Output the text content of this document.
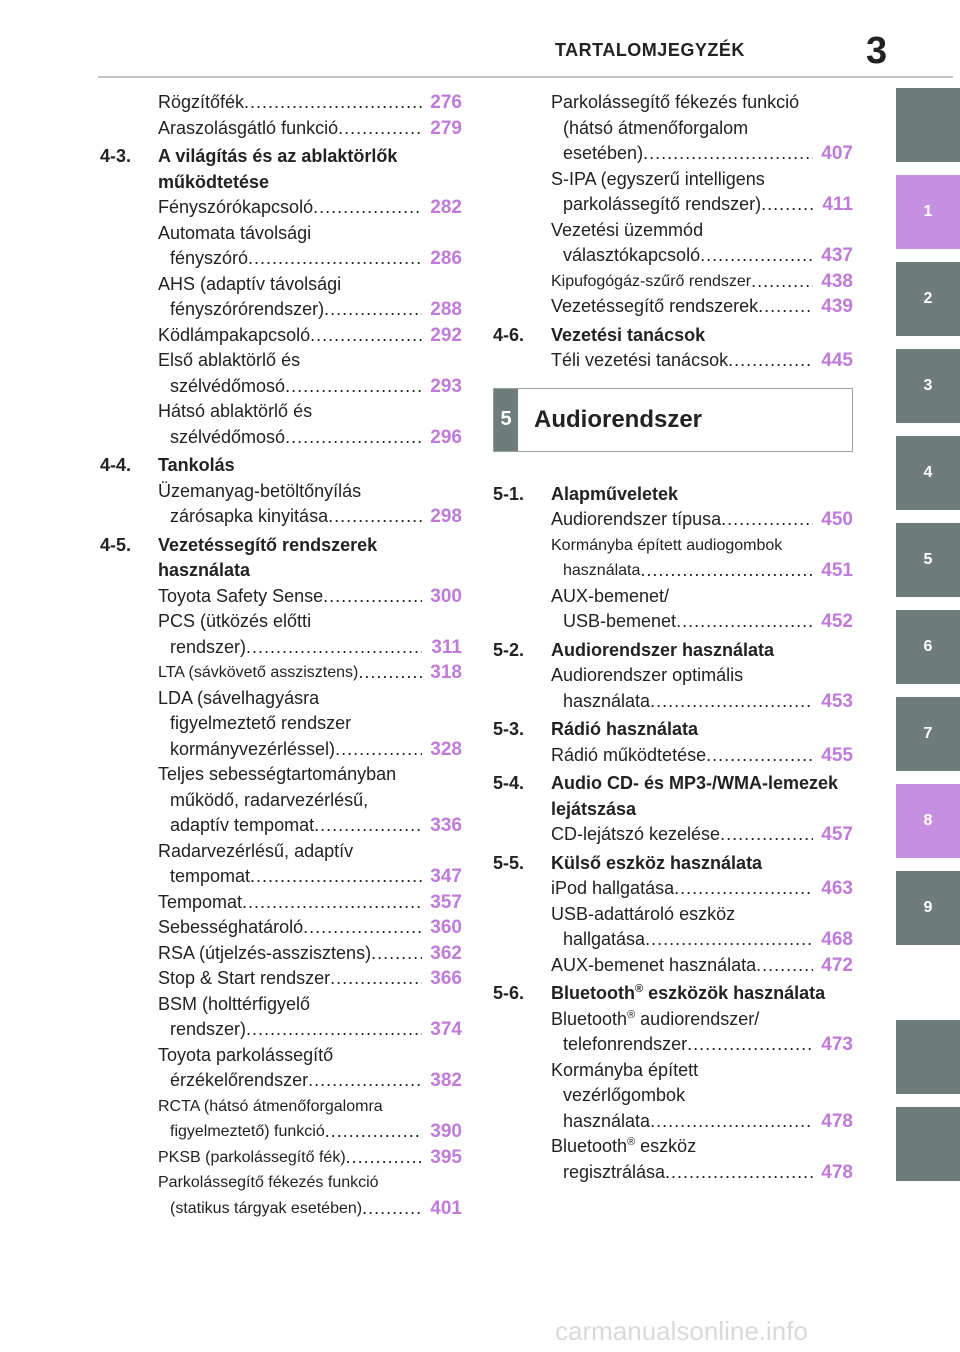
TARTALOMJEGYZÉK	3
1
2
3
4
5
6
7
8
9
Rögzítőfék .....	276
Araszolásgátló funkció .....	279
4-3.	A világítás és az ablaktörlők működtetése
Fényszórókapcsoló .....	282
Automata távolsági
fényszóró .....	286
AHS (adaptív távolsági
fényszórórendszer) .....	288
Ködlámpakapcsoló .....	292
Első ablaktörlő és
szélvédőmosó .....	293
Hátsó ablaktörlő és
szélvédőmosó .....	296
4-4.	Tankolás
Üzemanyag-betöltőnyílás
zárósapka kinyitása .....	298
4-5.	Vezetéssegítő rendszerek használata
Toyota Safety Sense .....	300
PCS (ütközés előtti
rendszer) .....	311
LTA (sávkövető asszisztens) .....	318
LDA (sávelhagyásra
figyelmeztető rendszer
kormányvezérléssel) .....	328
Teljes sebességtartományban
működő, radarvezérlésű,
adaptív tempomat .....	336
Radarvezérlésű, adaptív
tempomat .....	347
Tempomat .....	357
Sebességhatároló .....	360
RSA (útjelzés-asszisztens) .....	362
Stop & Start rendszer .....	366
BSM (holttérfigyelő
rendszer) .....	374
Toyota parkolássegítő
érzékelőrendszer .....	382
RCTA (hátsó átmenőforgalomra
figyelmeztető) funkció .....	390
PKSB (parkolássegítő fék) .....	395
Parkolássegítő fékezés funkció
(statikus tárgyak esetében) .....	401
Parkolássegítő fékezés funkció
(hátsó átmenőforgalom
esetében) .....	407
S-IPA (egyszerű intelligens
parkolássegítő rendszer) .....	411
Vezetési üzemmód
választókapcsoló .....	437
Kipufogógáz-szűrő rendszer .....	438
Vezetéssegítő rendszerek .....	439
4-6.	Vezetési tanácsok
Téli vezetési tanácsok .....	445
5 Audiorendszer
5-1.	Alapműveletek
Audiorendszer típusa .....	450
Kormányba épített audiogombok
használata .....	451
AUX-bemenet/
USB-bemenet .....	452
5-2.	Audiorendszer használata
Audiorendszer optimális
használata .....	453
5-3.	Rádió használata
Rádió működtetése .....	455
5-4.	Audio CD- és MP3-/WMA-lemezek lejátszása
CD-lejátszó kezelése .....	457
5-5.	Külső eszköz használata
iPod hallgatása .....	463
USB-adattároló eszköz
hallgatása .....	468
AUX-bemenet használata .....	472
5-6.	Bluetooth® eszközök használata
Bluetooth® audiorendszer/
telefonrendszer .....	473
Kormányba épített
vezérlőgombok
használata .....	478
Bluetooth® eszköz
regisztrálása .....	478
carmanualsonline.info
